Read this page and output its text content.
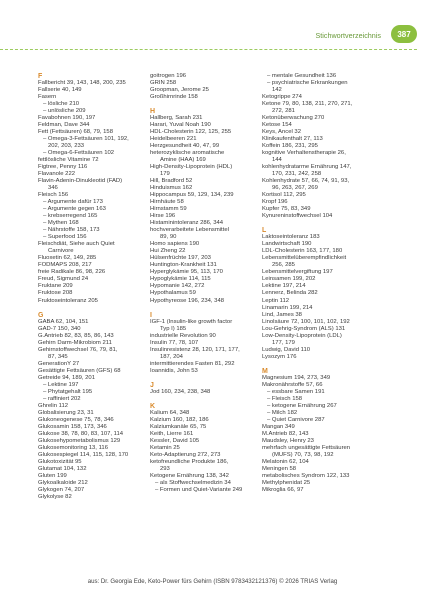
Stichwortverzeichnis	387
F
Fallbericht 39, 143, 148, 200, 235
Fallserie 40, 149
Fasern
– lösliche 210
– unlösliche 209
Favabohnen 190, 197
Feldman, Dave 344
Fett (Fettsäuren) 68, 79, 158
– Omega-3-Fettsäuren 101, 192,
202, 203, 233
– Omega-6-Fettsäuren 102
fettlösliche Vitamine 72
Figtree, Penny 116
Flavanole 222
Flavin-Adenin-Dinukleotid (FAD)
346
Fleisch 156
– Argumente dafür 173
– Argumente gegen 163
– krebserregend 165
– Mythen 168
– Nährstoffe 158, 173
– Superfood 156
Fleischdiät, Siehe auch Quiet
Carnivore
Fluoxetin 62, 149, 285
FODMAPS 208, 217
freie Radikale 86, 98, 226
Freud, Sigmund 24
Fruktane 209
Fruktose 208
Fruktoseintoleranz 205
G
GABA 62, 104, 151
GAD-7 150, 340
G.Antrieb 82, 83, 85, 86, 143
Gehirn Darm-Mikrobiom 211
Gehirnstoffwechsel 76, 79, 81,
87, 345
GenerationY 27
Gesättigte Fettsäuren (GFS) 68
Getreide 94, 189, 201
– Lektine 197
– Phytatgehalt 195
– raffiniert 202
Ghrelin 112
Globalisierung 23, 31
Glukoneogenese 75, 78, 346
Glukosamin 158, 173, 346
Glukose 38, 78, 80, 83, 107, 114
Glukosehypometabolismus 129
Glukosemonitoring 13, 116
Glukosespiegel 114, 115, 128, 170
Glukotoxizität 95
Glutamat 104, 132
Gluten 199
Glykoalkaloide 212
Glykogen 74, 207
Glykolyse 82
goitrogen 196
GRIN 258
Groopman, Jerome 25
Großhirnrinde 158
H
Hallberg, Sarah 231
Harari, Yuval Noah 190
HDL-Cholesterin 122, 125, 255
Heidelbeeren 221
Herzgesundheit 40, 47, 99
heterozyklische aromatische
Amine (HAA) 169
High-Density-Lipoprotein (HDL)
179
Hill, Bradford 52
Hinduismus 162
Hippocampus 59, 129, 134, 239
Hirnhäute 58
Hirnstamm 59
Hirse 196
Histaminintoleranz 286, 344
hochverarbeitete Lebensmittel
89, 90
Homo sapiens 190
Hui Zheng 22
Hülsenfrüchte 197, 203
Huntington-Krankheit 131
Hyperglykämie 95, 113, 170
Hypoglykämie 114, 115
Hypomanie 142, 272
Hypothalamus 59
Hypothyreose 196, 234, 348
I
IGF-1 (Insulin-like growth factor
Typ I) 185
industrielle Revolution 90
Insulin 77, 78, 107
Insulinresistenz 28, 120, 171, 177,
187, 204
intermittierendes Fasten 81, 292
Ioannidis, John 53
J
Jod 160, 234, 238, 348
K
Kalium 64, 348
Kalzium 160, 182, 186
Kalziumkanäle 65, 75
Keith, Lierre 161
Kessler, David 105
Ketamin 25
Keto-Adaptierung 272, 273
ketofreundliche Produkte 186,
293
Ketogene Ernährung 138, 342
– als Stoffwechselmedizin 34
– Formen und Quiet-Variante 249
– mentale Gesundheit 136
– psychiatrische Erkrankungen
142
Ketogrippe 274
Ketone 79, 80, 138, 211, 270, 271,
272, 281
Ketonüberwachung 270
Ketose 154
Keys, Ancel 32
Klinikaufenthalt 27, 113
Koffein 186, 231, 295
kognitive Verhaltenstherapie 26,
144
kohlenhydratarme Ernährung 147,
170, 231, 242, 258
Kohlenhydrate 57, 66, 74, 91, 93,
96, 263, 267, 269
Kortisol 112, 295
Kropf 196
Kupfer 75, 83, 349
Kynureninstoffwechsel 104
L
Laktoseintoleranz 183
Landwirtschaft 190
LDL-Cholesterin 163, 177, 180
Lebensmittelüberempfindlichkeit
256, 285
Lebensmittelvergiftung 197
Leinsamen 199, 202
Lektine 197, 214
Lennerz, Belinda 282
Leptin 112
Linamarin 199, 214
Lind, James 38
Linolsäure 72, 100, 101, 102, 192
Lou-Gehrig-Syndrom (ALS) 131
Low-Density-Lipoprotein (LDL)
177, 179
Ludwig, David 110
Lysozym 176
M
Magnesium 194, 273, 349
Makronährstoffe 57, 66
– essbare Samen 191
– Fleisch 158
– ketogene Ernährung 267
– Milch 182
– Quiet Carnivore 287
Mangan 349
M.Antrieb 82, 143
Maudsley, Henry 23
mehrfach ungesättigte Fettsäuren
(MUFS) 70, 73, 98, 192
Melatonin 62, 104
Meningen 58
metabolisches Syndrom 122, 133
Methylphenidat 25
Mikroglia 66, 97
aus: Dr. Georgia Ede, Keto-Power fürs Gehirn (ISBN 9783432121376) © 2026 TRIAS Verlag
